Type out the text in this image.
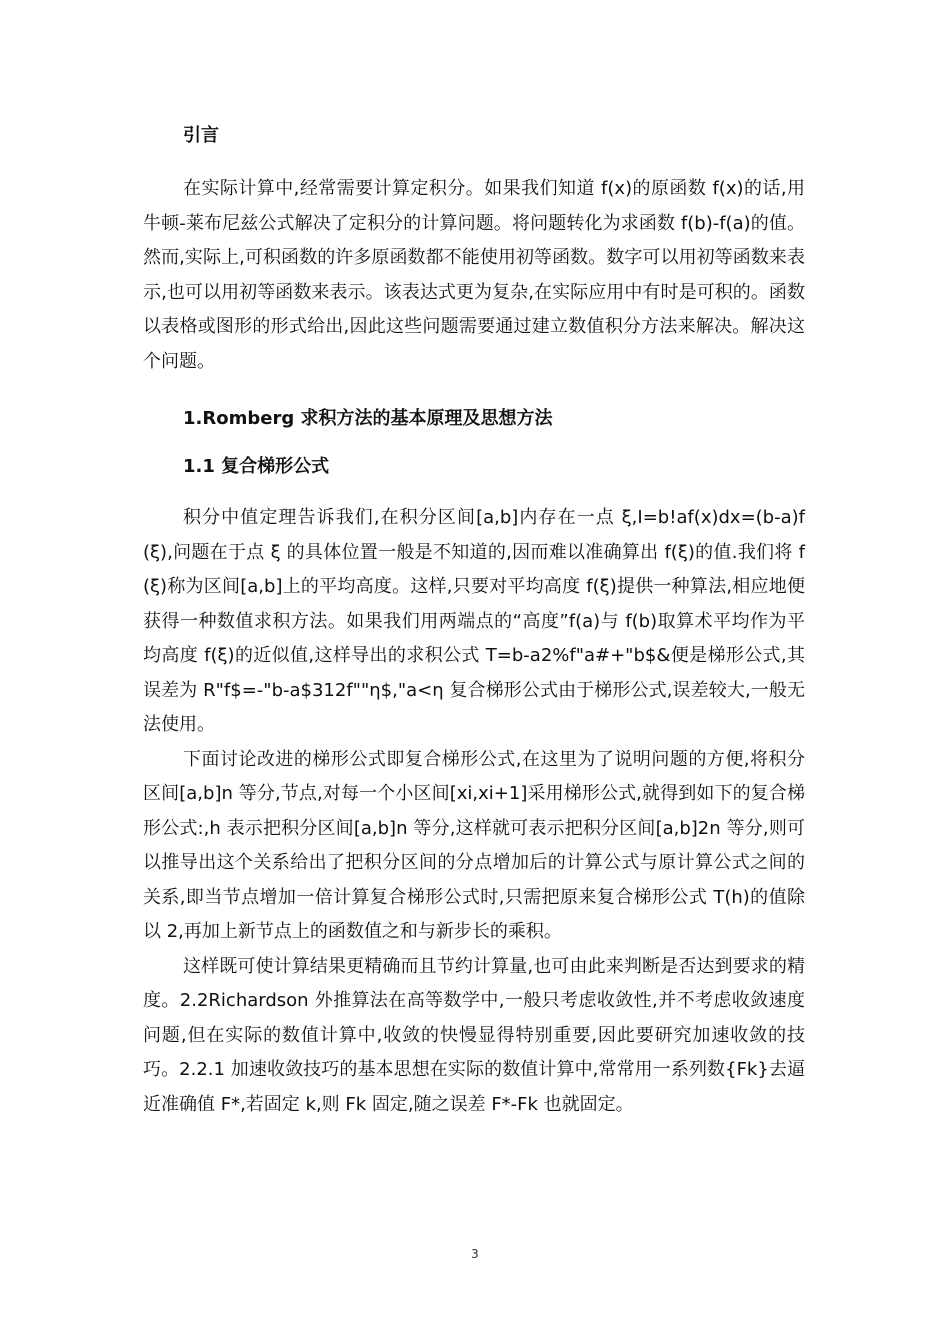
引言

在实际计算中,经常需要计算定积分。如果我们知道 f(x)的原函数 f(x)的话,用牛顿-莱布尼兹公式解决了定积分的计算问题。将问题转化为求函数 f(b)-f(a)的值。然而,实际上,可积函数的许多原函数都不能使用初等函数。数字可以用初等函数来表示,也可以用初等函数来表示。该表达式更为复杂,在实际应用中有时是可积的。函数以表格或图形的形式给出,因此这些问题需要通过建立数值积分方法来解决。解决这个问题。

1.Romberg 求积方法的基本原理及思想方法

1.1 复合梯形公式

积分中值定理告诉我们,在积分区间[a,b]内存在一点 ξ,I=b!af(x)dx=(b-a)f(ξ),问题在于点 ξ 的具体位置一般是不知道的,因而难以准确算出 f(ξ)的值.我们将 f(ξ)称为区间[a,b]上的平均高度。这样,只要对平均高度 f(ξ)提供一种算法,相应地便获得一种数值求积方法。如果我们用两端点的“高度”f(a)与 f(b)取算术平均作为平均高度 f(ξ)的近似值,这样导出的求积公式 T=b-a2%f"a#+"b$&便是梯形公式,其误差为 R"f$=-"b-a$312f""η$,"a<η 复合梯形公式由于梯形公式,误差较大,一般无法使用。

下面讨论改进的梯形公式即复合梯形公式,在这里为了说明问题的方便,将积分区间[a,b]n 等分,节点,对每一个小区间[xi,xi+1]采用梯形公式,就得到如下的复合梯形公式:,h 表示把积分区间[a,b]n 等分,这样就可表示把积分区间[a,b]2n 等分,则可以推导出这个关系给出了把积分区间的分点增加后的计算公式与原计算公式之间的关系,即当节点增加一倍计算复合梯形公式时,只需把原来复合梯形公式 T(h)的值除以 2,再加上新节点上的函数值之和与新步长的乘积。

这样既可使计算结果更精确而且节约计算量,也可由此来判断是否达到要求的精度。2.2Richardson 外推算法在高等数学中,一般只考虑收敛性,并不考虑收敛速度问题,但在实际的数值计算中,收敛的快慢显得特别重要,因此要研究加速收敛的技巧。2.2.1 加速收敛技巧的基本思想在实际的数值计算中,常常用一系列数{Fk}去逼近准确值 F*,若固定 k,则 Fk 固定,随之误差 F*-Fk 也就固定。

3
